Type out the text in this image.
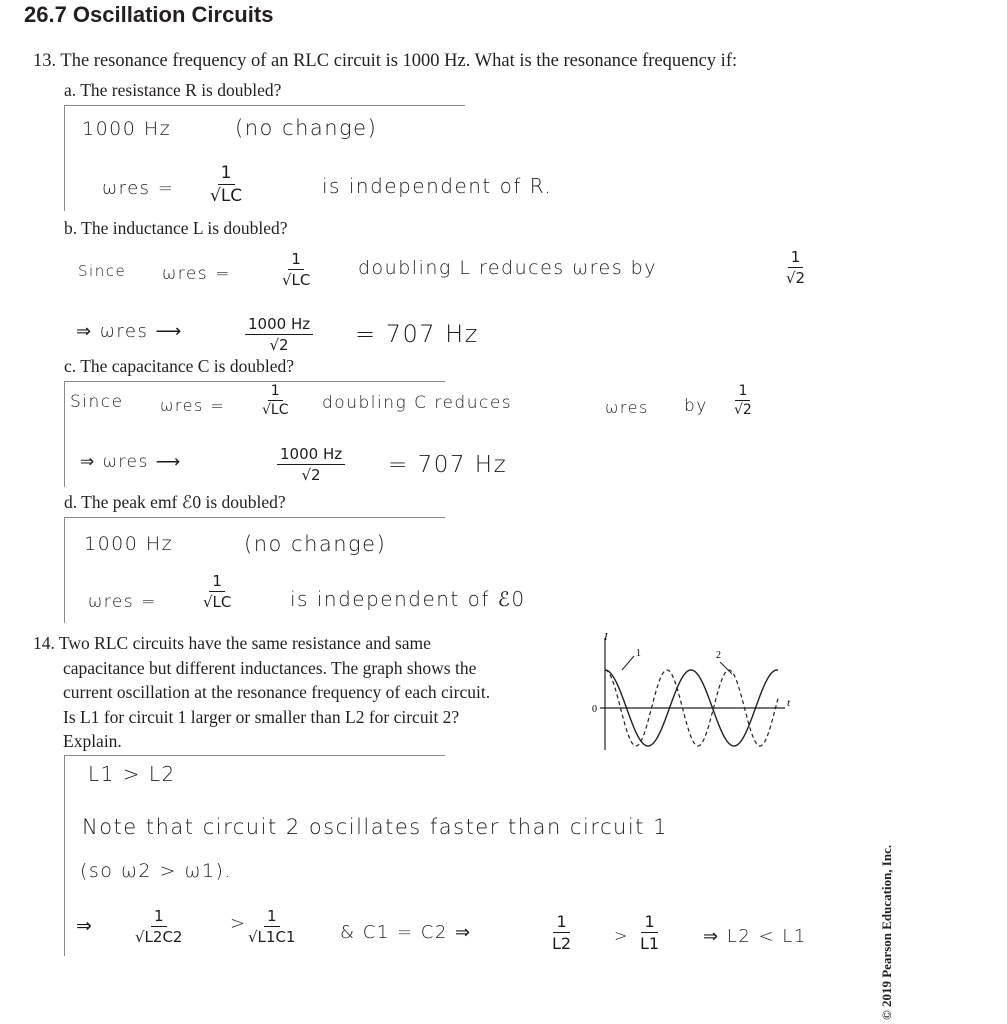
26.7 Oscillation Circuits
13. The resonance frequency of an RLC circuit is 1000 Hz. What is the resonance frequency if:
a. The resistance R is doubled?
1000 Hz	(no change)
$\omega res = \frac{1}{√LC}$	is independent of R.
b. The inductance L is doubled?
Since ωres =	$\frac{1}{√LC}$	doubling L reduces ωres by	$\frac{1}{√2}$
⇒ ωres ⟶	$\frac{1000 Hz}{√2} = 707$ Hz
c. The capacitance C is doubled?
Since ωres =	$\frac{1}{√LC}$ doubling C reduces	ωres by $\frac{1}{√2}$
⇒ ωres ⟶	$\frac{1000 Hz}{√2} = 707$ Hz
d. The peak emf ℰ0 is doubled?
1000 Hz	(no change)
ωres =	$\frac{1}{√LC}$	is independent of ℰ0
14. Two RLC circuits have the same resistance and same
capacitance but different inductances. The graph shows the
current oscillation at the resonance frequency of each circuit.
Is L1 for circuit 1 larger or smaller than L2 for circuit 2?
Explain.
I
t
0
1	2
L1 > L2
Note that circuit 2 oscillates faster than circuit 1
(so ω2 > ω1).
⇒	$\frac{1}{√L2C2}$	> $\frac{1}{√L1C1}$ & C1 = C2 ⇒	$\frac{1}{L2}$	> $\frac{1}{L1}$ ⇒ L2 < L1	© 2019 Pearson Education, Inc.
